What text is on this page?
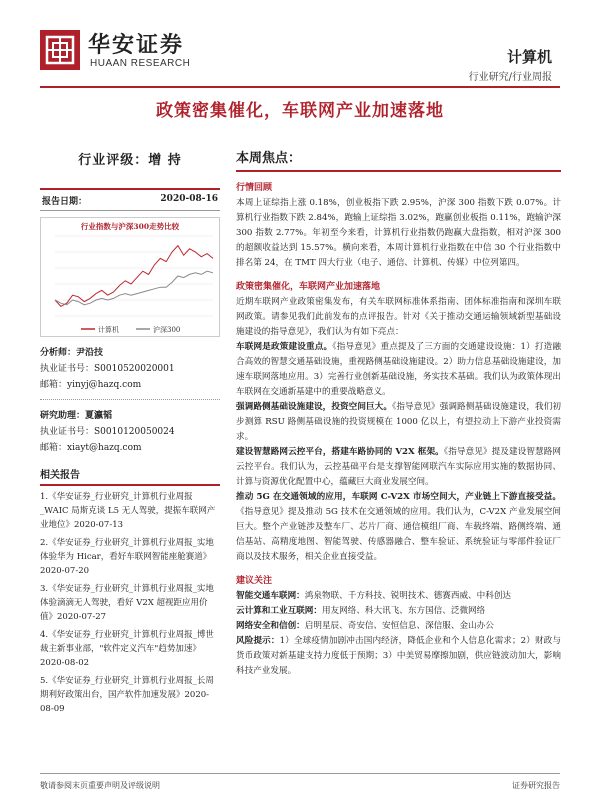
华安证券
HUAAN RESEARCH	计算机
行业研究/行业周报
政策密集催化，车联网产业加速落地
行业评级：增 持
报告日期：	2020-08-16
行业指数与沪深300走势比较
计算机	沪深300
分析师：尹沿技
执业证书号：S0010520020001
邮箱：yinyj@hazq.com
研究助理：夏瀛韬
执业证书号：S0010120050024
邮箱：xiayt@hazq.com
相关报告
1.《华安证券_行业研究_计算机行业周报_WAIC 局斯克谈 L5 无人驾驶，提振车联网产业地位》2020-07-13
2.《华安证券_行业研究_计算机行业周报_实地体验华为 Hicar，看好车联网智能座舱赛道》2020-07-20
3.《华安证券_行业研究_计算机行业周报_实地体验滴滴无人驾驶，看好 V2X 超视距应用价值》2020-07-27
4.《华安证券_行业研究_计算机行业周报_博世裁主新事业部，"软件定义汽车"趋势加速》2020-08-02
5.《华安证券_行业研究_计算机行业周报_长周期利好政策出台，国产软件加速发展》2020-08-09
本周焦点：
行情回顾
本周上证综指上涨 0.18%，创业板指下跌 2.95%，沪深 300 指数下跌 0.07%。计算机行业指数下跌 2.84%，跑输上证综指 3.02%，跑赢创业板指 0.11%，跑输沪深 300 指数 2.77%。年初至今来看，计算机行业指数仍跑赢大盘指数，相对沪深 300 的超额收益达到 15.57%。横向来看，本周计算机行业指数在中信 30 个行业指数中排名第 24，在 TMT 四大行业（电子、通信、计算机、传媒）中位列第四。
政策密集催化，车联网产业加速落地
近期车联网产业政策密集发布，有关车联网标准体系指南、团体标准指南和深圳车联网政策。请参见我们此前发布的点评报告。针对《关于推动交通运输领域新型基础设施建设的指导意见》，我们认为有如下亮点：
车联网是政策建设重点。《指导意见》重点提及了三方面的交通建设设施：1）打造融合高效的智慧交通基础设施，重视路侧基础设施建设。2）助力信息基础设施建设，加速车联网落地应用。3）完善行业创新基础设施，务实技术基础。我们认为政策体现出车联网在交通新基建中的重要战略意义。
强调路侧基础设施建设，投资空间巨大。《指导意见》强调路侧基础设施建设，我们初步测算 RSU 路侧基础设施的投资规模在 1000 亿以上，有望拉动上下游产业投资需求。
建设智慧路网云控平台，搭建车路协同的 V2X 框架。《指导意见》提及建设智慧路网云控平台。我们认为，云控基础平台是支撑智能网联汽车实际应用实施的数据协同、计算与资源优化配置中心，蕴藏巨大商业发展空间。
推动 5G 在交通领域的应用，车联网 C-V2X 市场空间大，产业链上下游直接受益。《指导意见》提及推动 5G 技术在交通领域的应用。我们认为，C-V2X 产业发展空间巨大。整个产业链涉及整车厂、芯片厂商、通信模组厂商、车载终端、路侧终端、通信基站、高精度地图、智能驾驶、传感器融合、整车验证、系统验证与零部件验证厂商以及技术服务，相关企业直接受益。
建议关注
智能交通车联网：鸿泉物联、千方科技、锐明技术、德赛西威、中科创达
云计算和工业互联网：用友网络、科大讯飞、东方国信、泛微网络
网络安全和信创：启明星辰、奇安信、安恒信息、深信服、金山办公
风险提示：1）全球疫情加剧冲击国内经济，降低企业和个人信息化需求；2）财政与货币政策对新基建支持力度低于预期；3）中美贸易摩擦加剧，供应链波动加大，影响科技产业发展。
敬请参阅末页重要声明及评级说明	证券研究报告
